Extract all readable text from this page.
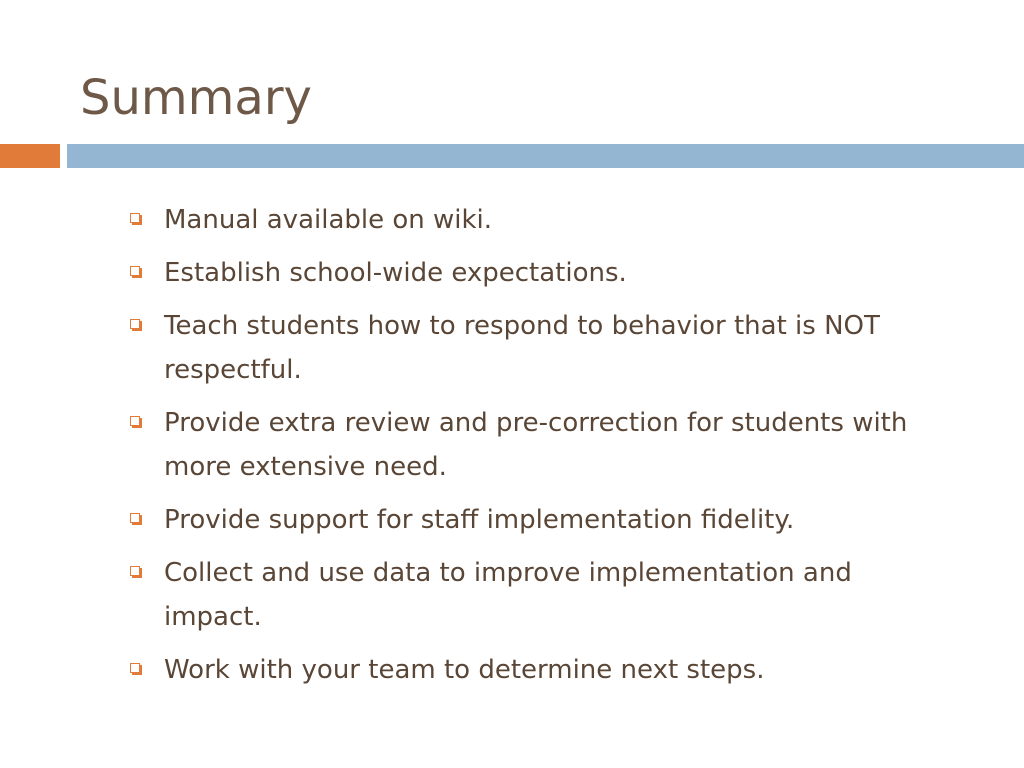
Summary
Manual available on wiki.
Establish school-wide expectations.
Teach students how to respond to behavior that is NOT respectful.
Provide extra review and pre-correction for students with more extensive need.
Provide support for staff implementation fidelity.
Collect and use data to improve implementation and impact.
Work with your team to determine next steps.
